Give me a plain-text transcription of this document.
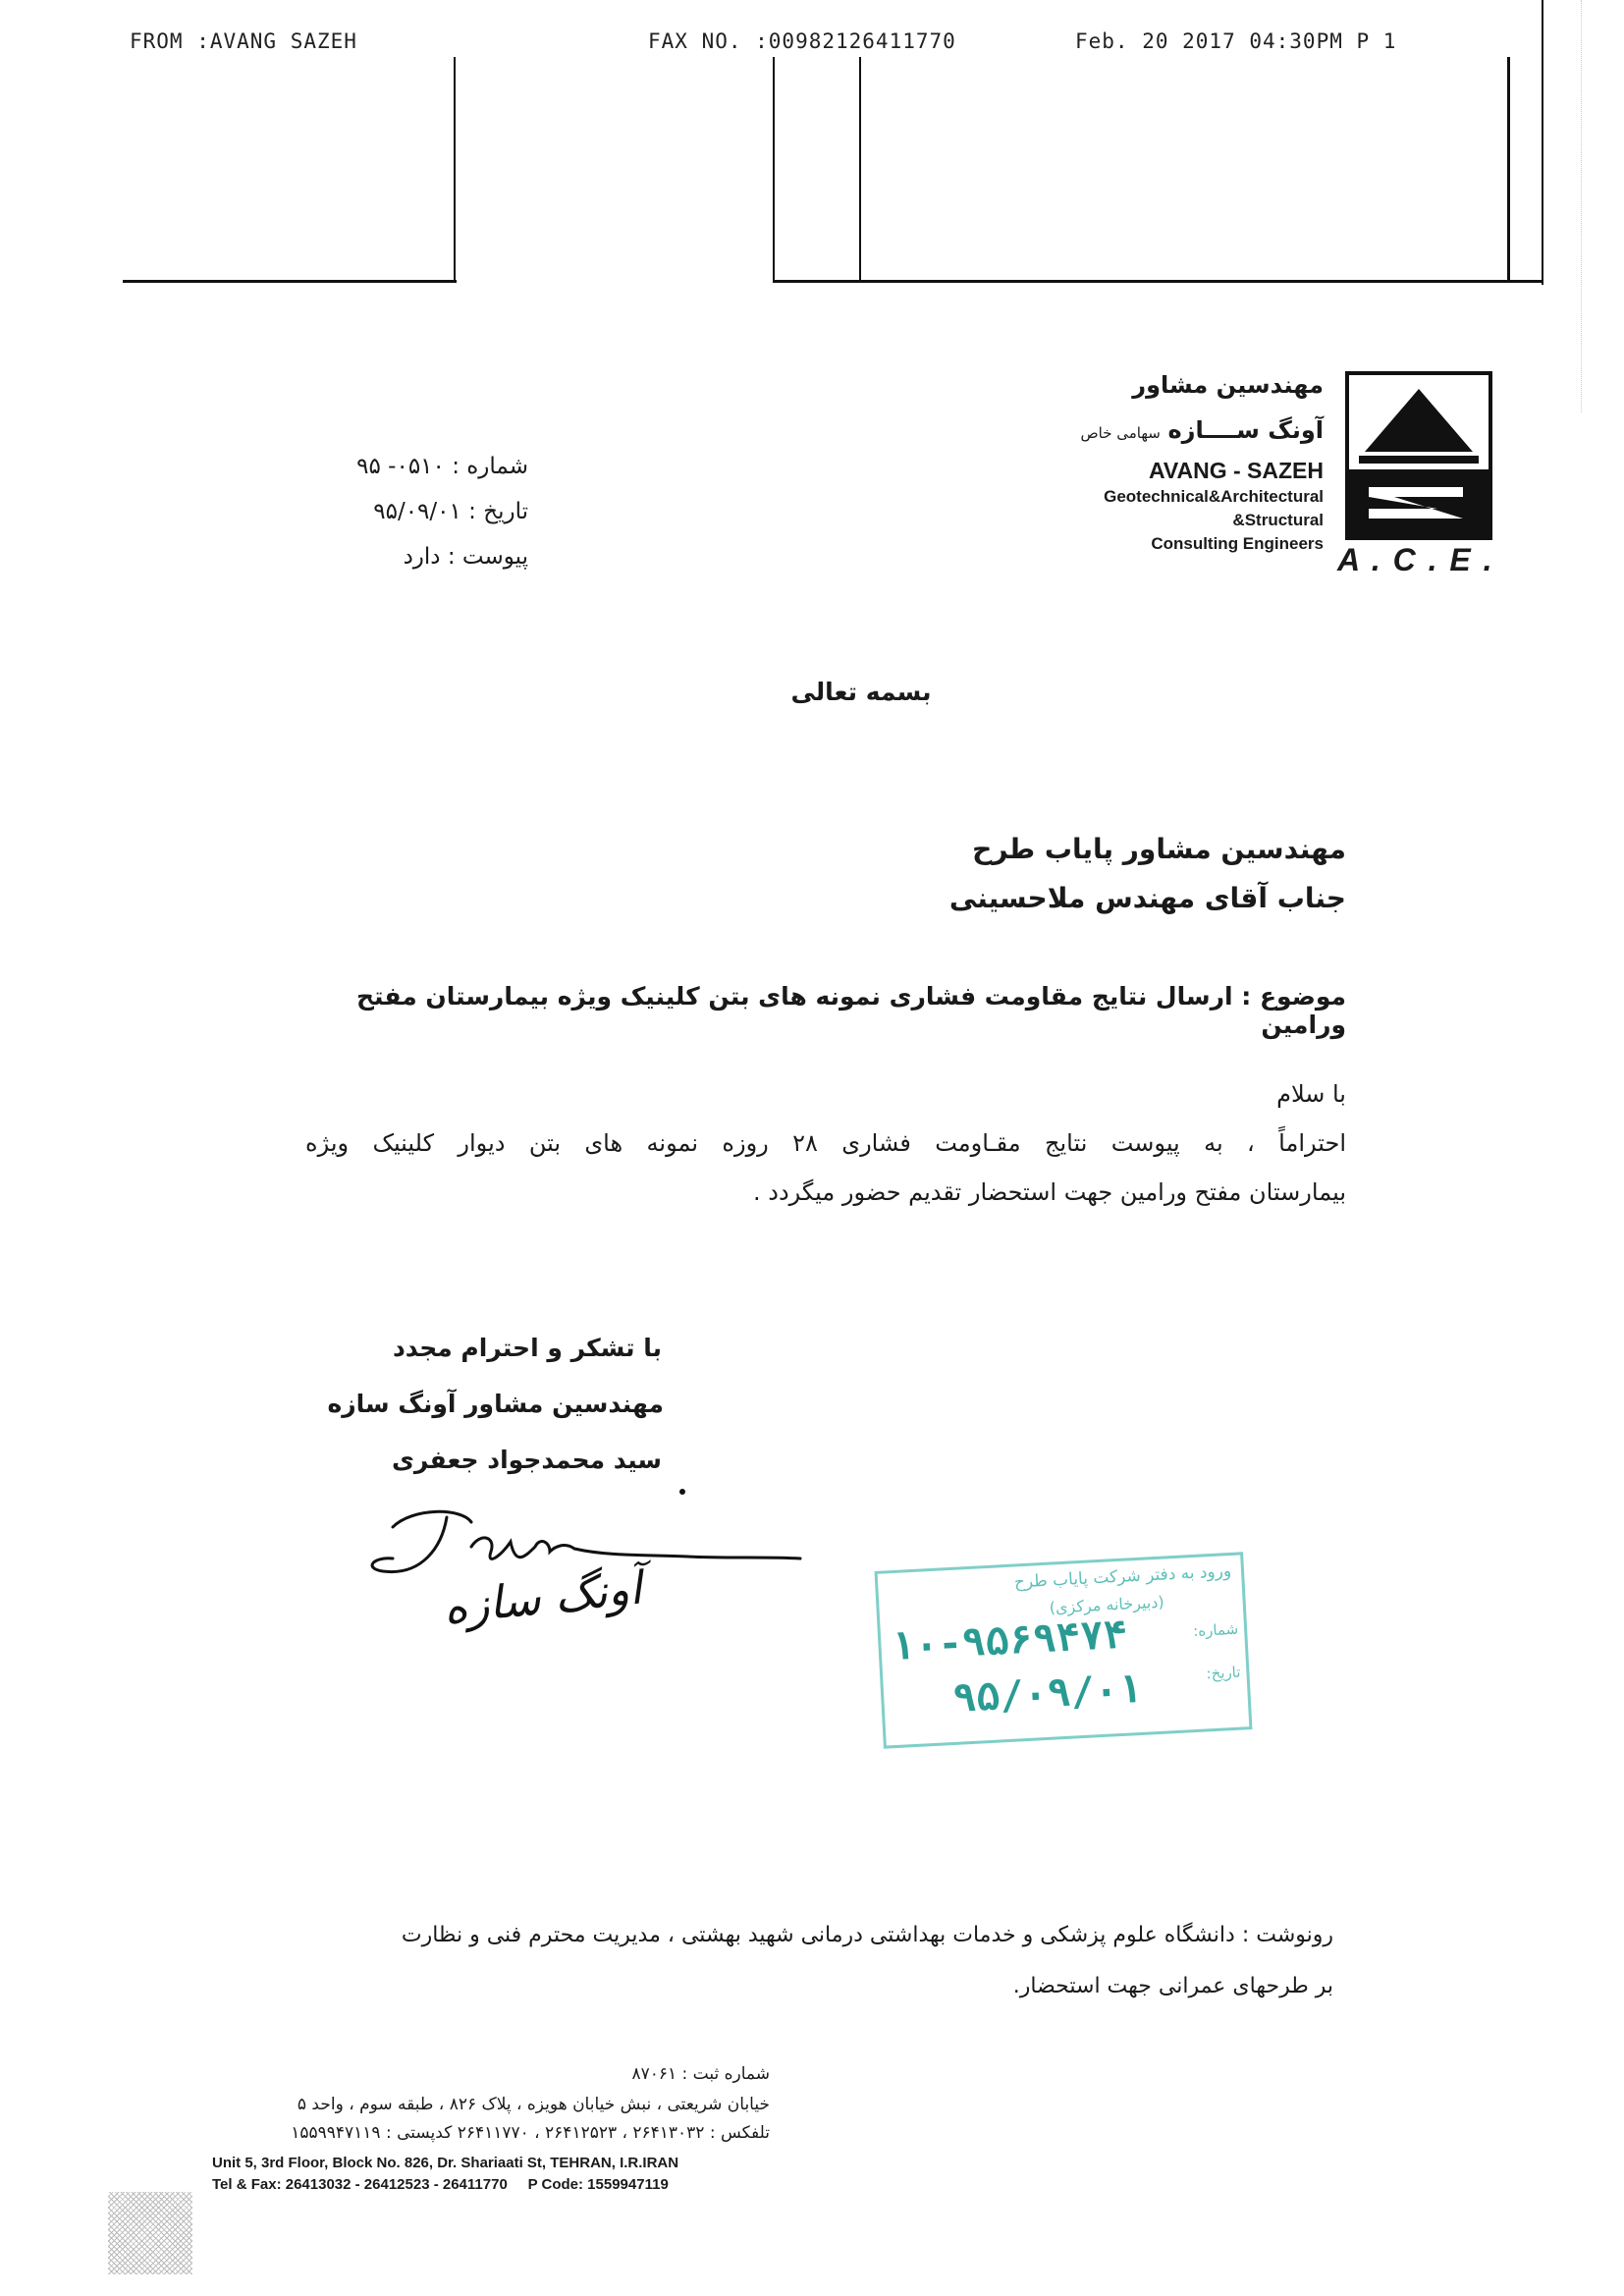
FROM :AVANG SAZEH	FAX NO. :00982126411770	Feb. 20 2017 04:30PM P 1
مهندسین مشاور
آونگ ســــازه سهامی خاص
AVANG - SAZEH
Geotechnical&Architectural
&Structural
Consulting Engineers A . C . E .
شماره : ۰۵۱۰- ۹۵
تاریخ : ۹۵/۰۹/۰۱
پیوست : دارد
بسمه تعالی
مهندسین مشاور پایاب طرح
جناب آقای مهندس ملاحسینی
موضوع : ارسال نتایج مقاومت فشاری نمونه های بتن کلینیک ویژه بیمارستان مفتح ورامین
با سلام
احتراماً ، به پیوست نتایج مقـاومت فشاری ۲۸ روزه نمونه های بتن دیوار کلینیک ویژه
بیمارستان مفتح ورامین جهت استحضار تقدیم حضور میگردد .
با تشکر و احترام مجدد
مهندسین مشاور آونگ سازه
سید محمدجواد جعفری
آونگ سازه	ورود به دفتر شرکت پایاب طرح
(دبیرخانه مرکزی)
شماره:
تاریخ:
۱۰-۹۵۶۹۴۷۴
۹۵/۰۹/۰۱
رونوشت : دانشگاه علوم پزشکی و خدمات بهداشتی درمانی شهید بهشتی ، مدیریت محترم فنی و نظارت
بر طرحهای عمرانی جهت استحضار.
شماره ثبت : ۸۷۰۶۱
خیابان شریعتی ، نبش خیابان هویزه ، پلاک ۸۲۶ ، طبقه سوم ، واحد ۵
تلفکس : ۲۶۴۱۳۰۳۲ ، ۲۶۴۱۲۵۲۳ ، ۲۶۴۱۱۷۷۰ کدپستی : ۱۵۵۹۹۴۷۱۱۹
Unit 5, 3rd Floor, Block No. 826, Dr. Shariaati St, TEHRAN, I.R.IRAN
Tel & Fax: 26413032 - 26412523 - 26411770     P Code: 1559947119
